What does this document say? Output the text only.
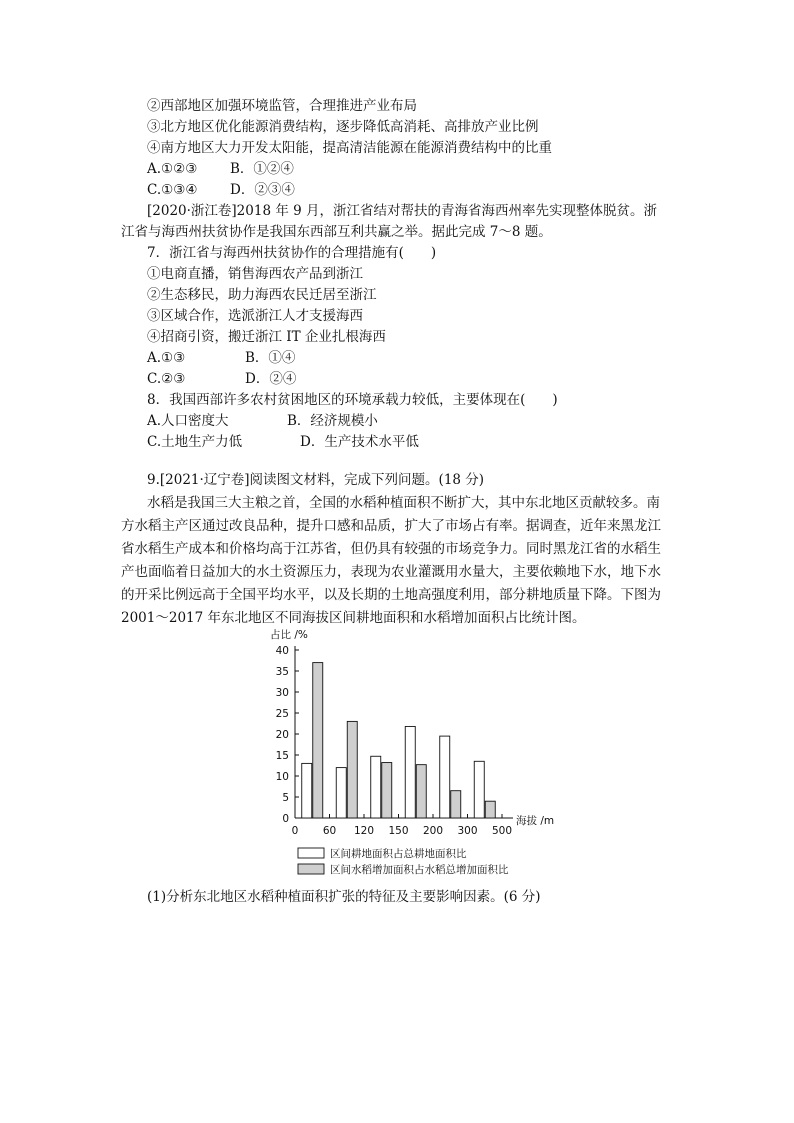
②西部地区加强环境监管，合理推进产业布局
③北方地区优化能源消费结构，逐步降低高消耗、高排放产业比例
④南方地区大力开发太阳能，提高清洁能源在能源消费结构中的比重
A.①②③ B．①②④
C.①③④ D．②③④
[2020·浙江卷]2018 年 9 月，浙江省结对帮扶的青海省海西州率先实现整体脱贫。浙
江省与海西州扶贫协作是我国东西部互利共赢之举。据此完成 7～8 题。
7．浙江省与海西州扶贫协作的合理措施有(　　)
①电商直播，销售海西农产品到浙江
②生态移民，助力海西农民迁居至浙江
③区域合作，选派浙江人才支援海西
④招商引资，搬迁浙江 IT 企业扎根海西
A.①③	B．①④
C.②③	D．②④
8．我国西部许多农村贫困地区的环境承载力较低，主要体现在(　　)
A.人口密度大	B．经济规模小
C.土地生产力低	D．生产技术水平低
9.[2021·辽宁卷]阅读图文材料，完成下列问题。(18 分)
水稻是我国三大主粮之首，全国的水稻种植面积不断扩大，其中东北地区贡献较多。南
方水稻主产区通过改良品种，提升口感和品质，扩大了市场占有率。据调查，近年来黑龙江
省水稻生产成本和价格均高于江苏省，但仍具有较强的市场竞争力。同时黑龙江省的水稻生
产也面临着日益加大的水土资源压力，表现为农业灌溉用水量大，主要依赖地下水，地下水
的开采比例远高于全国平均水平，以及长期的土地高强度利用，部分耕地质量下降。下图为
2001～2017 年东北地区不同海拔区间耕地面积和水稻增加面积占比统计图。
占比 /%
0
5
10
15
20
25
30
35
40
0 60 120 150 200 300 500
海拔 /m
区间耕地面积占总耕地面积比
区间水稻增加面积占水稻总增加面积比
(1)分析东北地区水稻种植面积扩张的特征及主要影响因素。(6 分)
